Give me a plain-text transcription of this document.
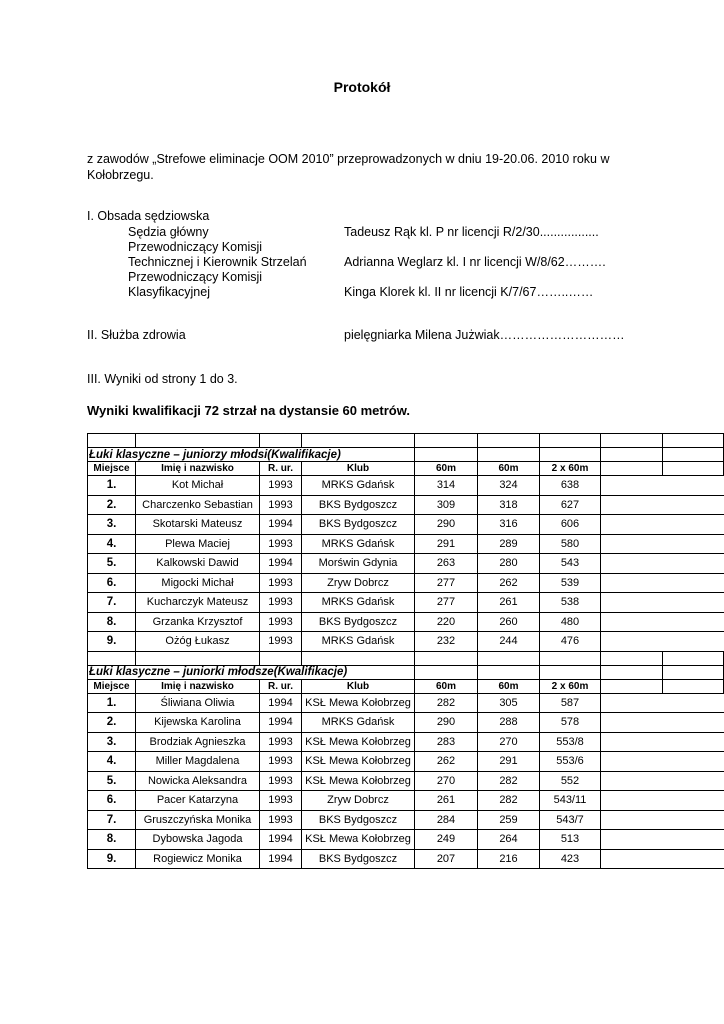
Protokół
z zawodów „Strefowe eliminacje OOM 2010” przeprowadzonych w dniu 19-20.06. 2010 roku w Kołobrzegu.
I. Obsada sędziowska
Sędzia główny	Tadeusz Rąk kl. P nr licencji R/2/30.................
Przewodniczący Komisji
Technicznej i Kierownik Strzelań	Adrianna Weglarz kl. I nr licencji W/8/62……….
Przewodniczący Komisji
Klasyfikacyjnej	Kinga Klorek kl. II nr licencji K/7/67……..……
II. Służba zdrowia	pielęgniarka Milena Jużwiak…………………………
III. Wyniki od strony 1 do 3.
Wyniki kwalifikacji 72 strzał na dystansie 60 metrów.

Łuki klasyczne – juniorzy młodsi(Kwalifikacje)									
Miejsce	Imię i nazwisko	R. ur.	Klub	60m	60m	2 x 60m			
1.	Kot Michał	1993	MRKS Gdańsk	314	324	638			
2.	Charczenko Sebastian	1993	BKS Bydgoszcz	309	318	627			
3.	Skotarski Mateusz	1994	BKS Bydgoszcz	290	316	606			
4.	Plewa Maciej	1993	MRKS Gdańsk	291	289	580			
5.	Kalkowski Dawid	1994	Morświn Gdynia	263	280	543			
6.	Migocki Michał	1993	Zryw Dobrcz	277	262	539			
7.	Kucharczyk Mateusz	1993	MRKS Gdańsk	277	261	538			
8.	Grzanka Krzysztof	1993	BKS Bydgoszcz	220	260	480			
9.	Ożóg Łukasz	1993	MRKS Gdańsk	232	244	476			

Łuki klasyczne – juniorki młodsze(Kwalifikacje)									
Miejsce	Imię i nazwisko	R. ur.	Klub	60m	60m	2 x 60m			
1.	Śliwiana Oliwia	1994	KSŁ Mewa Kołobrzeg	282	305	587			
2.	Kijewska Karolina	1994	MRKS Gdańsk	290	288	578			
3.	Brodziak Agnieszka	1993	KSŁ Mewa Kołobrzeg	283	270	553/8			
4.	Miller Magdalena	1993	KSŁ Mewa Kołobrzeg	262	291	553/6			
5.	Nowicka Aleksandra	1993	KSŁ Mewa Kołobrzeg	270	282	552			
6.	Pacer Katarzyna	1993	Zryw Dobrcz	261	282	543/11			
7.	Gruszczyńska Monika	1993	BKS Bydgoszcz	284	259	543/7			
8.	Dybowska Jagoda	1994	KSŁ Mewa Kołobrzeg	249	264	513			
9.	Rogiewicz Monika	1994	BKS Bydgoszcz	207	216	423			
